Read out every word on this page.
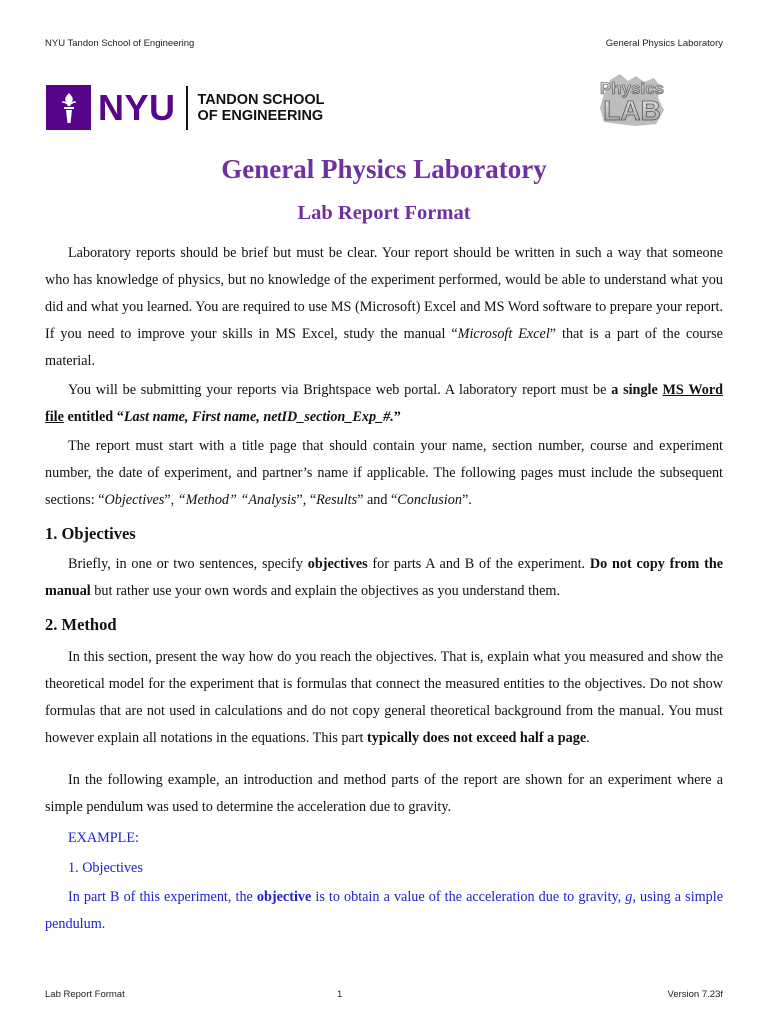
NYU Tandon School of Engineering	General Physics Laboratory
NYU TANDON SCHOOL
OF ENGINEERING
Physics
LAB
General Physics Laboratory
Lab Report Format

Laboratory reports should be brief but must be clear. Your report should be written in such a way that someone who has knowledge of physics, but no knowledge of the experiment performed, would be able to understand what you did and what you learned. You are required to use MS (Microsoft) Excel and MS Word software to prepare your report. If you need to improve your skills in MS Excel, study the manual “Microsoft Excel” that is a part of the course material.

You will be submitting your reports via Brightspace web portal. A laboratory report must be a single MS Word file entitled “Last name, First name, netID_section_Exp_#.”

The report must start with a title page that should contain your name, section number, course and experiment number, the date of experiment, and partner’s name if applicable. The following pages must include the subsequent sections: “Objectives”, “Method” “Analysis”, “Results” and “Conclusion”.

1. Objectives

Briefly, in one or two sentences, specify objectives for parts A and B of the experiment. Do not copy from the manual but rather use your own words and explain the objectives as you understand them.

2. Method

In this section, present the way how do you reach the objectives. That is, explain what you measured and show the theoretical model for the experiment that is formulas that connect the measured entities to the objectives. Do not show formulas that are not used in calculations and do not copy general theoretical background from the manual. You must however explain all notations in the equations. This part typically does not exceed half a page.

In the following example, an introduction and method parts of the report are shown for an experiment where a simple pendulum was used to determine the acceleration due to gravity.

EXAMPLE:
1. Objectives

In part B of this experiment, the objective is to obtain a value of the acceleration due to gravity, g, using a simple pendulum.

Lab Report Format	1	Version 7.23f
